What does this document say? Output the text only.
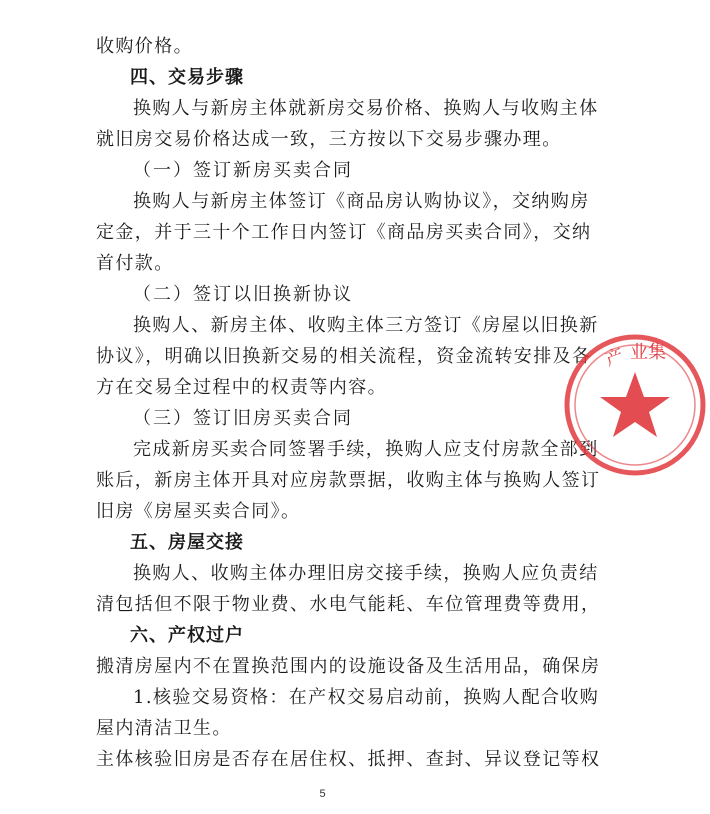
收购价格。
四、交易步骤
换购人与新房主体就新房交易价格、换购人与收购主体
就旧房交易价格达成一致，三方按以下交易步骤办理。
（一）签订新房买卖合同
换购人与新房主体签订《商品房认购协议》，交纳购房
定金，并于三十个工作日内签订《商品房买卖合同》，交纳
首付款。
（二）签订以旧换新协议
换购人、新房主体、收购主体三方签订《房屋以旧换新
协议》，明确以旧换新交易的相关流程，资金流转安排及各
方在交易全过程中的权责等内容。
（三）签订旧房买卖合同
完成新房买卖合同签署手续，换购人应支付房款全部到
账后，新房主体开具对应房款票据，收购主体与换购人签订
旧房《房屋买卖合同》。
五、房屋交接
换购人、收购主体办理旧房交接手续，换购人应负责结
清包括但不限于物业费、水电气能耗、车位管理费等费用，
搬清房屋内不在置换范围内的设施设备及生活用品，确保房
屋内清洁卫生。
5
产 业集
六、产权过户
1.核验交易资格：在产权交易启动前，换购人配合收购
主体核验旧房是否存在居住权、抵押、查封、异议登记等权
